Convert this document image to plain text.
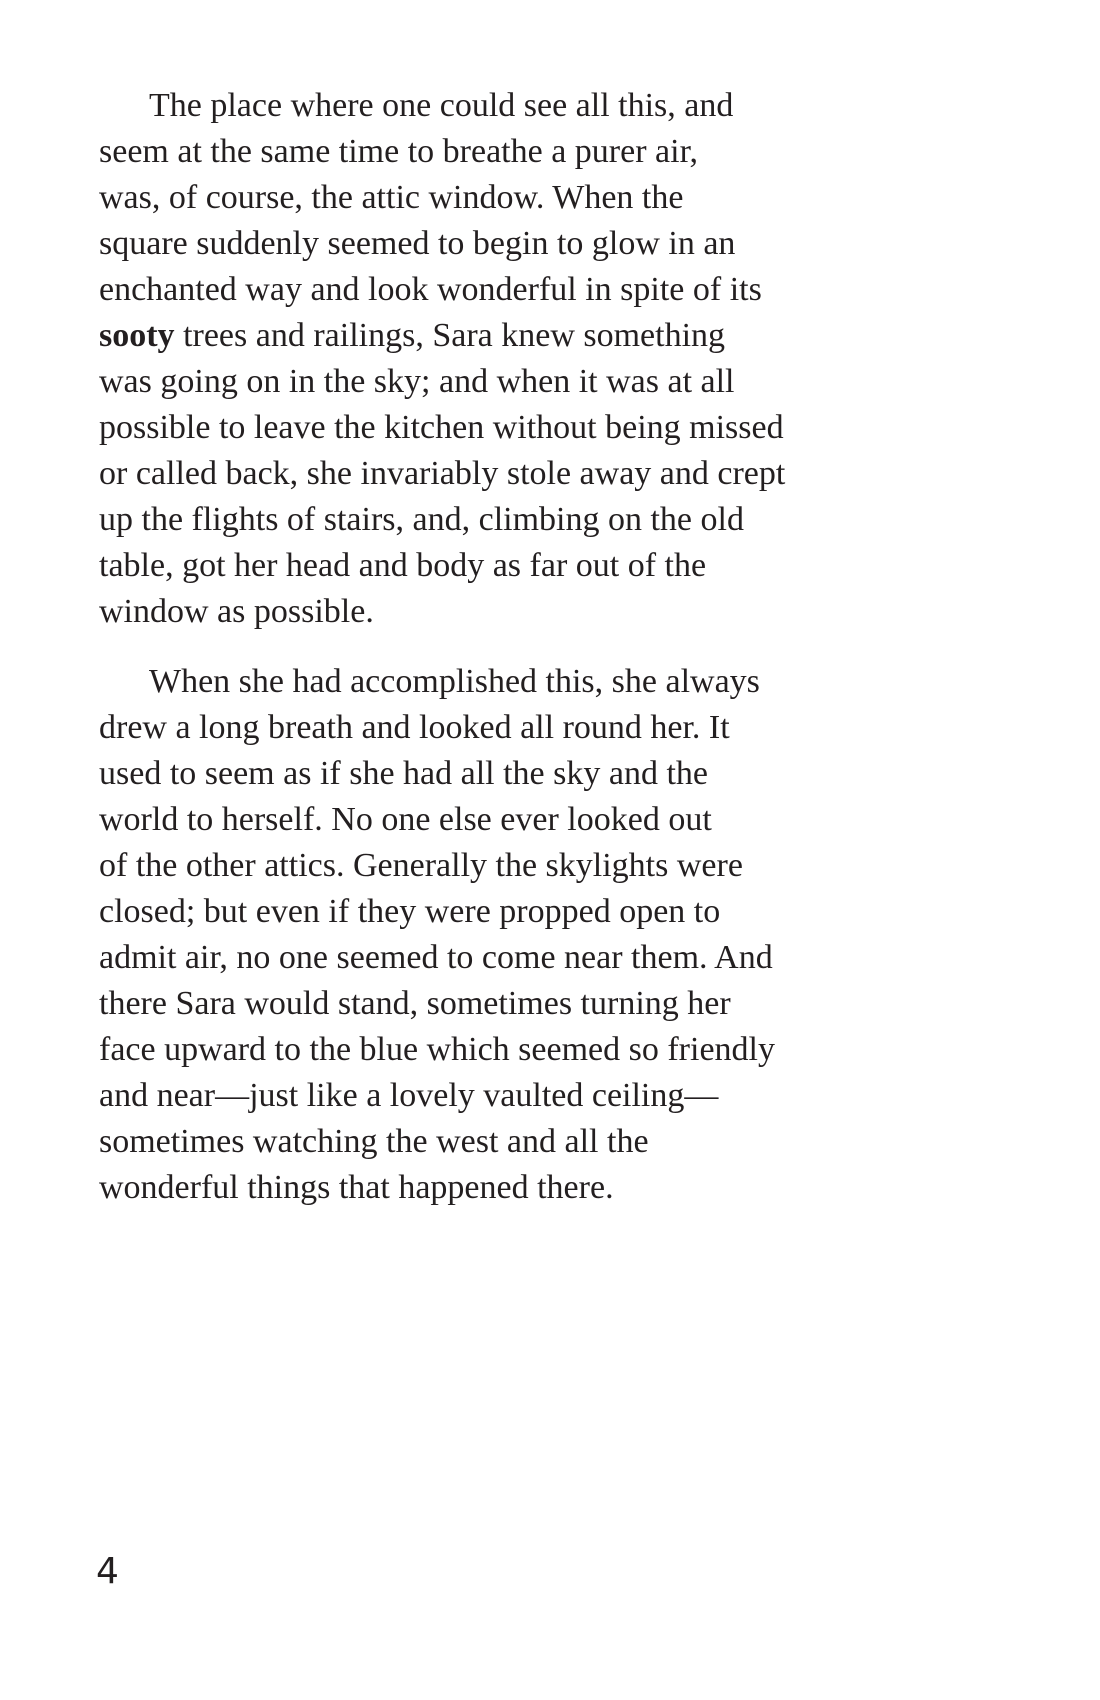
The place where one could see all this, and
seem at the same time to breathe a purer air,
was, of course, the attic window. When the
square suddenly seemed to begin to glow in an
enchanted way and look wonderful in spite of its
sooty trees and railings, Sara knew something
was going on in the sky; and when it was at all
possible to leave the kitchen without being missed
or called back, she invariably stole away and crept
up the flights of stairs, and, climbing on the old
table, got her head and body as far out of the
window as possible.
When she had accomplished this, she always
drew a long breath and looked all round her. It
used to seem as if she had all the sky and the
world to herself. No one else ever looked out
of the other attics. Generally the skylights were
closed; but even if they were propped open to
admit air, no one seemed to come near them. And
there Sara would stand, sometimes turning her
face upward to the blue which seemed so friendly
and near—just like a lovely vaulted ceiling—
sometimes watching the west and all the
wonderful things that happened there.
4
